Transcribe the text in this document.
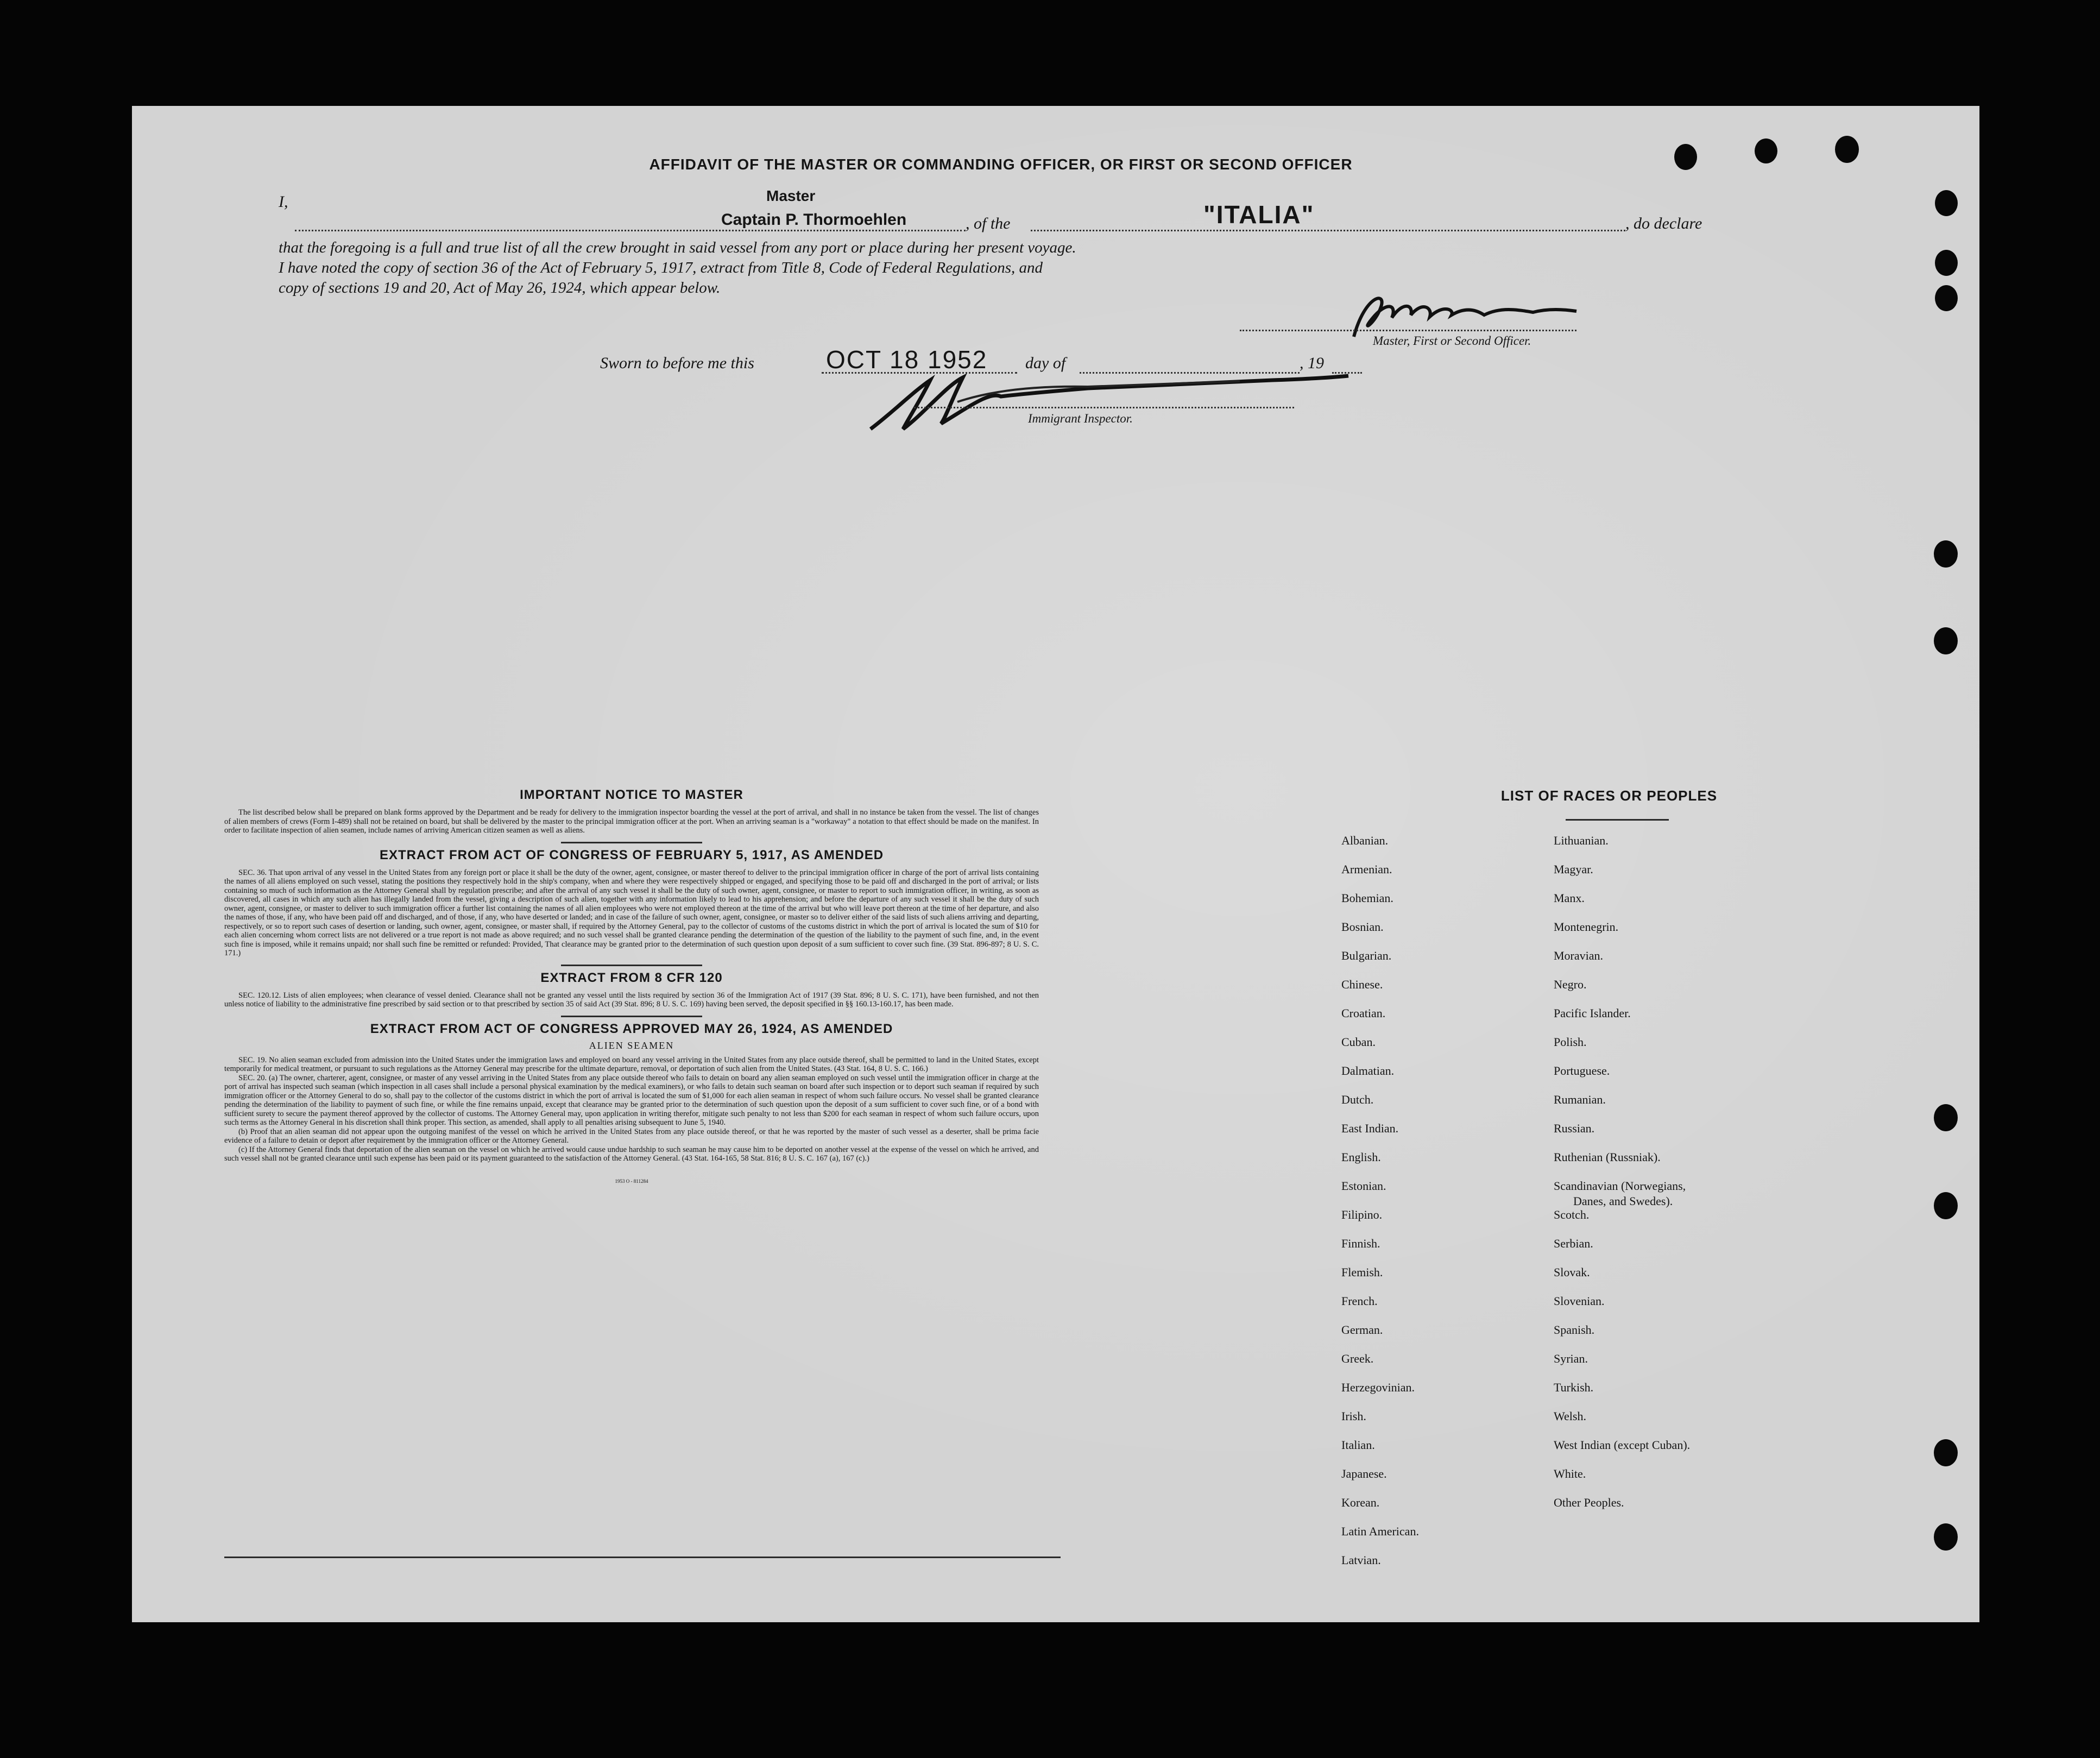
AFFIDAVIT OF THE MASTER OR COMMANDING OFFICER, OR FIRST OR SECOND OFFICER
I,	Master
Captain P. Thormoehlen	, of the	"ITALIA"	, do declare
that the foregoing is a full and true list of all the crew brought in said vessel from any port or place during her present voyage.
I have noted the copy of section 36 of the Act of February 5, 1917, extract from Title 8, Code of Federal Regulations, and
copy of sections 19 and 20, Act of May 26, 1924, which appear below.
Master, First or Second Officer.
Sworn to before me this	OCT 18 1952 day of	, 19
Immigrant Inspector.
IMPORTANT NOTICE TO MASTER

The list described below shall be prepared on blank forms approved by the Department and be ready for delivery to the immigration inspector boarding the vessel at the port of arrival, and shall in no instance be taken from the vessel. The list of changes of alien members of crews (Form I-489) shall not be retained on board, but shall be delivered by the master to the principal immigration officer at the port. When an arriving seaman is a "workaway" a notation to that effect should be made on the manifest. In order to facilitate inspection of alien seamen, include names of arriving American citizen seamen as well as aliens.

EXTRACT FROM ACT OF CONGRESS OF FEBRUARY 5, 1917, AS AMENDED

SEC. 36. That upon arrival of any vessel in the United States from any foreign port or place it shall be the duty of the owner, agent, consignee, or master thereof to deliver to the principal immigration officer in charge of the port of arrival lists containing the names of all aliens employed on such vessel, stating the positions they respectively hold in the ship's company, when and where they were respectively shipped or engaged, and specifying those to be paid off and discharged in the port of arrival; or lists containing so much of such information as the Attorney General shall by regulation prescribe; and after the arrival of any such vessel it shall be the duty of such owner, agent, consignee, or master to report to such immigration officer, in writing, as soon as discovered, all cases in which any such alien has illegally landed from the vessel, giving a description of such alien, together with any information likely to lead to his apprehension; and before the departure of any such vessel it shall be the duty of such owner, agent, consignee, or master to deliver to such immigration officer a further list containing the names of all alien employees who were not employed thereon at the time of the arrival but who will leave port thereon at the time of her departure, and also the names of those, if any, who have been paid off and discharged, and of those, if any, who have deserted or landed; and in case of the failure of such owner, agent, consignee, or master so to deliver either of the said lists of such aliens arriving and departing, respectively, or so to report such cases of desertion or landing, such owner, agent, consignee, or master shall, if required by the Attorney General, pay to the collector of customs of the customs district in which the port of arrival is located the sum of $10 for each alien concerning whom correct lists are not delivered or a true report is not made as above required; and no such vessel shall be granted clearance pending the determination of the question of the liability to the payment of such fine, and, in the event such fine is imposed, while it remains unpaid; nor shall such fine be remitted or refunded: Provided, That clearance may be granted prior to the determination of such question upon deposit of a sum sufficient to cover such fine. (39 Stat. 896-897; 8 U. S. C. 171.)

EXTRACT FROM 8 CFR 120

SEC. 120.12. Lists of alien employees; when clearance of vessel denied. Clearance shall not be granted any vessel until the lists required by section 36 of the Immigration Act of 1917 (39 Stat. 896; 8 U. S. C. 171), have been furnished, and not then unless notice of liability to the administrative fine prescribed by said section or to that prescribed by section 35 of said Act (39 Stat. 896; 8 U. S. C. 169) having been served, the deposit specified in §§ 160.13-160.17, has been made.

EXTRACT FROM ACT OF CONGRESS APPROVED MAY 26, 1924, AS AMENDED
ALIEN SEAMEN

SEC. 19. No alien seaman excluded from admission into the United States under the immigration laws and employed on board any vessel arriving in the United States from any place outside thereof, shall be permitted to land in the United States, except temporarily for medical treatment, or pursuant to such regulations as the Attorney General may prescribe for the ultimate departure, removal, or deportation of such alien from the United States. (43 Stat. 164, 8 U. S. C. 166.)

SEC. 20. (a) The owner, charterer, agent, consignee, or master of any vessel arriving in the United States from any place outside thereof who fails to detain on board any alien seaman employed on such vessel until the immigration officer in charge at the port of arrival has inspected such seaman (which inspection in all cases shall include a personal physical examination by the medical examiners), or who fails to detain such seaman on board after such inspection or to deport such seaman if required by such immigration officer or the Attorney General to do so, shall pay to the collector of the customs district in which the port of arrival is located the sum of $1,000 for each alien seaman in respect of whom such failure occurs. No vessel shall be granted clearance pending the determination of the liability to payment of such fine, or while the fine remains unpaid, except that clearance may be granted prior to the determination of such question upon the deposit of a sum sufficient to cover such fine, or of a bond with sufficient surety to secure the payment thereof approved by the collector of customs. The Attorney General may, upon application in writing therefor, mitigate such penalty to not less than $200 for each seaman in respect of whom such failure occurs, upon such terms as the Attorney General in his discretion shall think proper. This section, as amended, shall apply to all penalties arising subsequent to June 5, 1940.

(b) Proof that an alien seaman did not appear upon the outgoing manifest of the vessel on which he arrived in the United States from any place outside thereof, or that he was reported by the master of such vessel as a deserter, shall be prima facie evidence of a failure to detain or deport after requirement by the immigration officer or the Attorney General.

(c) If the Attorney General finds that deportation of the alien seaman on the vessel on which he arrived would cause undue hardship to such seaman he may cause him to be deported on another vessel at the expense of the vessel on which he arrived, and such vessel shall not be granted clearance until such expense has been paid or its payment guaranteed to the satisfaction of the Attorney General. (43 Stat. 164-165, 58 Stat. 816; 8 U. S. C. 167 (a), 167 (c).)

1953 O - 811284
LIST OF RACES OR PEOPLES
Albanian.
Armenian.
Bohemian.
Bosnian.
Bulgarian.
Chinese.
Croatian.
Cuban.
Dalmatian.
Dutch.
East Indian.
English.
Estonian.
Filipino.
Finnish.
Flemish.
French.
German.
Greek.
Herzegovinian.
Irish.
Italian.
Japanese.
Korean.
Latin American.
Latvian.
Lithuanian.
Magyar.
Manx.
Montenegrin.
Moravian.
Negro.
Pacific Islander.
Polish.
Portuguese.
Rumanian.
Russian.
Ruthenian (Russniak).
Scandinavian (Norwegians,
Danes, and Swedes).
Scotch.
Serbian.
Slovak.
Slovenian.
Spanish.
Syrian.
Turkish.
Welsh.
West Indian (except Cuban).
White.
Other Peoples.
